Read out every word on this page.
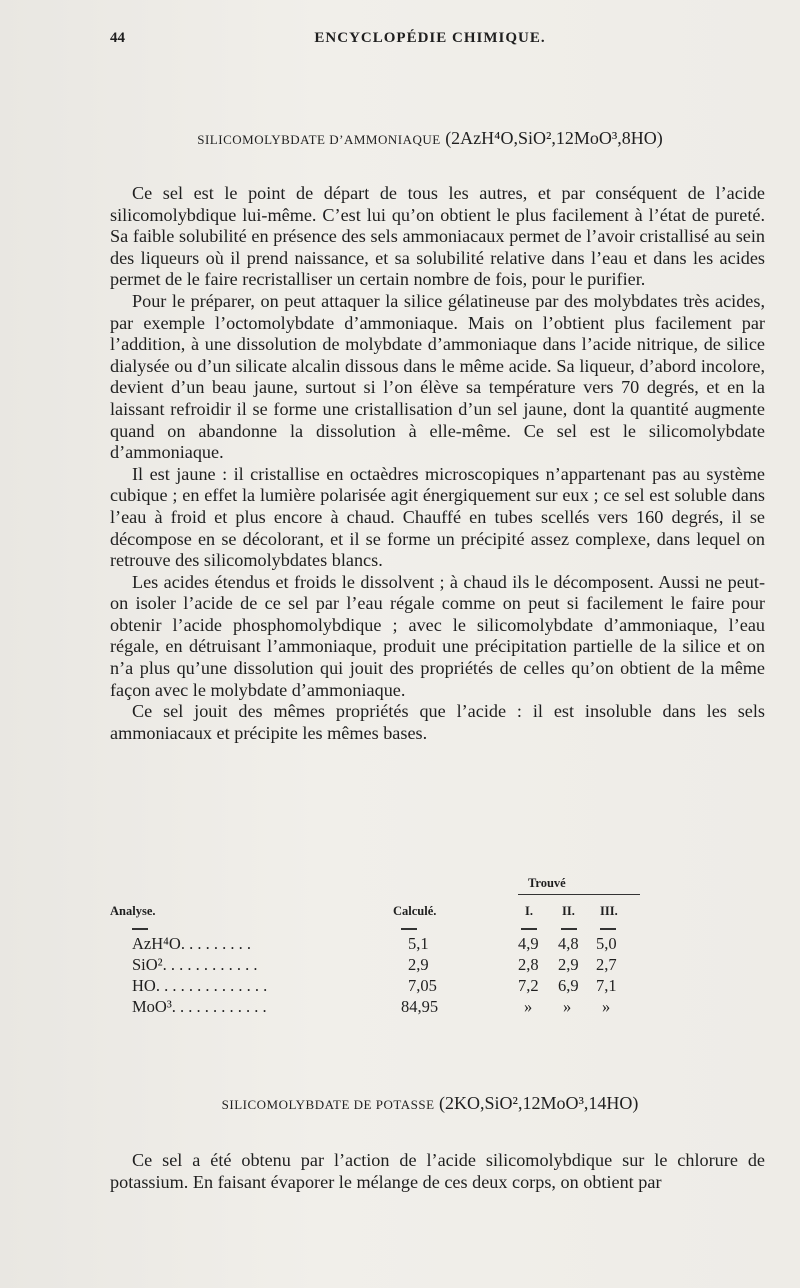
44	ENCYCLOPÉDIE CHIMIQUE.
SILICOMOLYBDATE D’AMMONIAQUE (2AzH⁴O,SiO²,12MoO³,8HO)

Ce sel est le point de départ de tous les autres, et par conséquent de l’acide silicomolybdique lui-même. C’est lui qu’on obtient le plus facilement à l’état de pureté. Sa faible solubilité en présence des sels ammoniacaux permet de l’avoir cristallisé au sein des liqueurs où il prend naissance, et sa solubilité relative dans l’eau et dans les acides permet de le faire recristalliser un certain nombre de fois, pour le purifier.

Pour le préparer, on peut attaquer la silice gélatineuse par des molybdates très acides, par exemple l’octomolybdate d’ammoniaque. Mais on l’obtient plus facilement par l’addition, à une dissolution de molybdate d’ammoniaque dans l’acide nitrique, de silice dialysée ou d’un silicate alcalin dissous dans le même acide. Sa liqueur, d’abord incolore, devient d’un beau jaune, surtout si l’on élève sa température vers 70 degrés, et en la laissant refroidir il se forme une cristallisation d’un sel jaune, dont la quantité augmente quand on abandonne la dissolution à elle-même. Ce sel est le silicomolybdate d’ammoniaque.

Il est jaune : il cristallise en octaèdres microscopiques n’appartenant pas au système cubique ; en effet la lumière polarisée agit énergiquement sur eux ; ce sel est soluble dans l’eau à froid et plus encore à chaud. Chauffé en tubes scellés vers 160 degrés, il se décompose en se décolorant, et il se forme un précipité assez complexe, dans lequel on retrouve des silicomolybdates blancs.

Les acides étendus et froids le dissolvent ; à chaud ils le décomposent. Aussi ne peut-on isoler l’acide de ce sel par l’eau régale comme on peut si facilement le faire pour obtenir l’acide phosphomolybdique ; avec le silicomolybdate d’ammoniaque, l’eau régale, en détruisant l’ammoniaque, produit une précipitation partielle de la silice et on n’a plus qu’une dissolution qui jouit des propriétés de celles qu’on obtient de la même façon avec le molybdate d’ammoniaque.

Ce sel jouit des mêmes propriétés que l’acide : il est insoluble dans les sels ammoniacaux et précipite les mêmes bases.

Trouvé
Analyse.	Calculé.	I. II. III.
AzH⁴O. . . . . . . . .	5,1	4,9 4,8 5,0
SiO². . . . . . . . . . . .	2,9	2,8 2,9 2,7
HO. . . . . . . . . . . . . .	7,05	7,2 6,9 7,1
MoO³. . . . . . . . . . . .	84,95	» » »
SILICOMOLYBDATE DE POTASSE (2KO,SiO²,12MoO³,14HO)

Ce sel a été obtenu par l’action de l’acide silicomolybdique sur le chlorure de potassium. En faisant évaporer le mélange de ces deux corps, on obtient par
